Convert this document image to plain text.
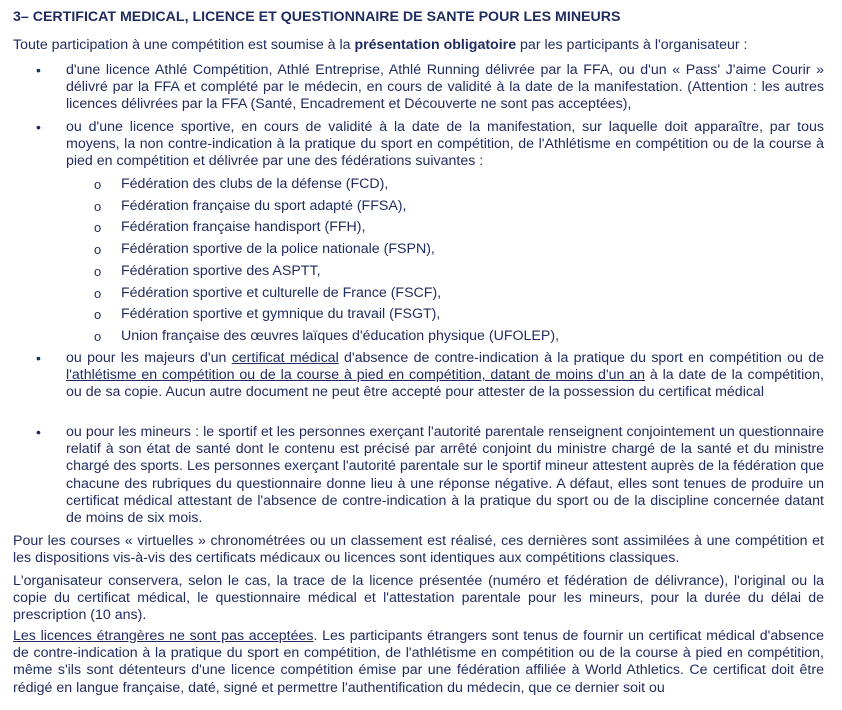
3– CERTIFICAT MEDICAL, LICENCE ET QUESTIONNAIRE DE SANTE POUR LES MINEURS
Toute participation à une compétition est soumise à la présentation obligatoire par les participants à l'organisateur :
• d'une licence Athlé Compétition, Athlé Entreprise, Athlé Running délivrée par la FFA, ou d'un « Pass' J'aime Courir » délivré par la FFA et complété par le médecin, en cours de validité à la date de la manifestation. (Attention : les autres licences délivrées par la FFA (Santé, Encadrement et Découverte ne sont pas acceptées),
• ou d'une licence sportive, en cours de validité à la date de la manifestation, sur laquelle doit apparaître, par tous moyens, la non contre-indication à la pratique du sport en compétition, de l'Athlétisme en compétition ou de la course à pied en compétition et délivrée par une des fédérations suivantes :
o Fédération des clubs de la défense (FCD),
o Fédération française du sport adapté (FFSA),
o Fédération française handisport (FFH),
o Fédération sportive de la police nationale (FSPN),
o Fédération sportive des ASPTT,
o Fédération sportive et culturelle de France (FSCF),
o Fédération sportive et gymnique du travail (FSGT),
o Union française des œuvres laïques d'éducation physique (UFOLEP),
• ou pour les majeurs d'un certificat médical d'absence de contre-indication à la pratique du sport en compétition ou de l'athlétisme en compétition ou de la course à pied en compétition, datant de moins d'un an à la date de la compétition, ou de sa copie. Aucun autre document ne peut être accepté pour attester de la possession du certificat médical
• ou pour les mineurs : le sportif et les personnes exerçant l'autorité parentale renseignent conjointement un questionnaire relatif à son état de santé dont le contenu est précisé par arrêté conjoint du ministre chargé de la santé et du ministre chargé des sports. Les personnes exerçant l'autorité parentale sur le sportif mineur attestent auprès de la fédération que chacune des rubriques du questionnaire donne lieu à une réponse négative. A défaut, elles sont tenues de produire un certificat médical attestant de l'absence de contre-indication à la pratique du sport ou de la discipline concernée datant de moins de six mois.
Pour les courses « virtuelles » chronométrées ou un classement est réalisé, ces dernières sont assimilées à une compétition et les dispositions vis-à-vis des certificats médicaux ou licences sont identiques aux compétitions classiques.
L'organisateur conservera, selon le cas, la trace de la licence présentée (numéro et fédération de délivrance), l'original ou la copie du certificat médical, le questionnaire médical et l'attestation parentale pour les mineurs, pour la durée du délai de prescription (10 ans).
Les licences étrangères ne sont pas acceptées. Les participants étrangers sont tenus de fournir un certificat médical d'absence de contre-indication à la pratique du sport en compétition, de l'athlétisme en compétition ou de la course à pied en compétition, même s'ils sont détenteurs d'une licence compétition émise par une fédération affiliée à World Athletics. Ce certificat doit être rédigé en langue française, daté, signé et permettre l'authentification du médecin, que ce dernier soit ou
